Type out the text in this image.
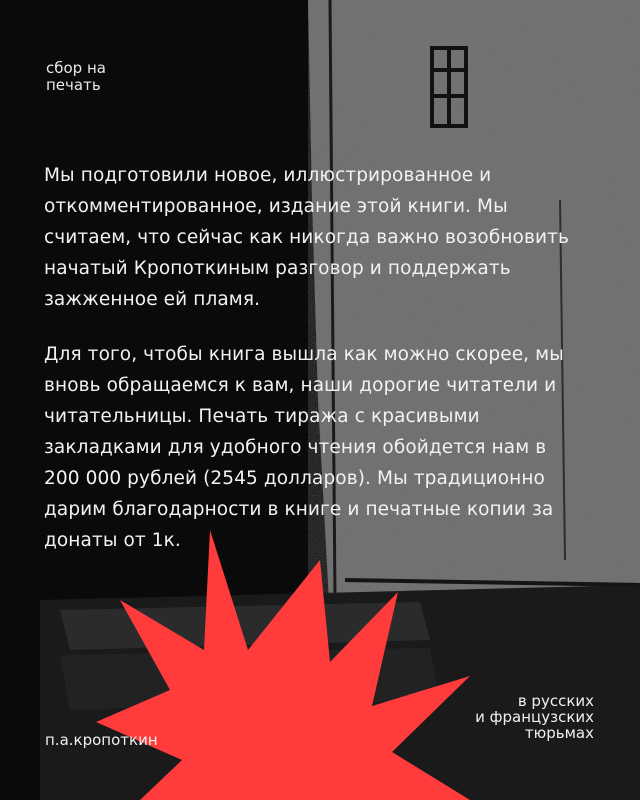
сбор на
печать

Мы подготовили новое, иллюстрированное и откомментированное, издание этой книги. Мы считаем, что сейчас как никогда важно возобновить начатый Кропоткиным разговор и поддержать зажженное ей пламя.

Для того, чтобы книга вышла как можно скорее, мы вновь обращаемся к вам, наши дорогие читатели и читательницы. Печать тиража с красивыми закладками для удобного чтения обойдется нам в 200 000 рублей (2545 долларов). Мы традиционно дарим благодарности в книге и печатные копии за донаты от 1к.

п.а.кропоткин
в русских
и французских
тюрьмах
